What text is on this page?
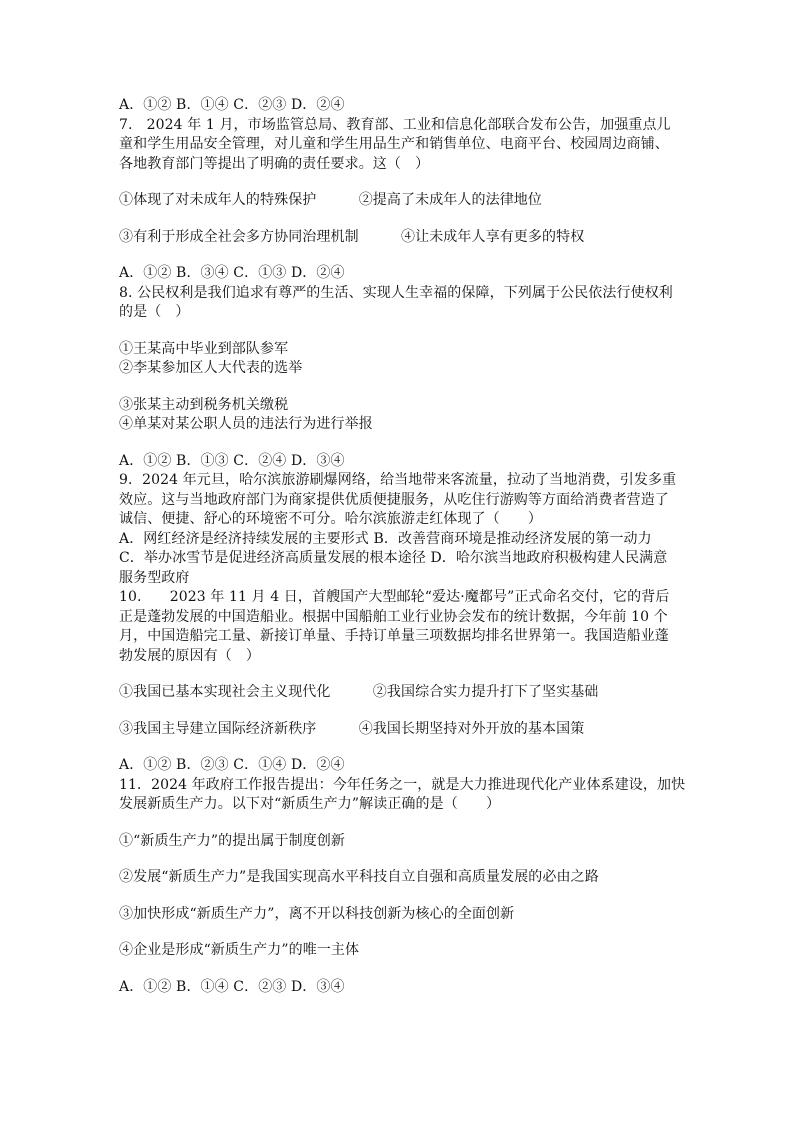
A．①② B．①④ C．②③ D．②④
7.　2024 年 1 月，市场监管总局、教育部、工业和信息化部联合发布公告，加强重点儿
童和学生用品安全管理，对儿童和学生用品生产和销售单位、电商平台、校园周边商铺、
各地教育部门等提出了明确的责任要求。这（　）
①体现了对未成年人的特殊保护　　　②提高了未成年人的法律地位
③有利于形成全社会多方协同治理机制　　　④让未成年人享有更多的特权
A．①② B．③④ C．①③ D．②④
8. 公民权利是我们追求有尊严的生活、实现人生幸福的保障，下列属于公民依法行使权利
的是（　）
①王某高中毕业到部队参军
②李某参加区人大代表的选举
③张某主动到税务机关缴税
④单某对某公职人员的违法行为进行举报
A．①② B．①③ C．②④ D．③④
9．2024 年元旦，哈尔滨旅游刷爆网络，给当地带来客流量，拉动了当地消费，引发多重
效应。这与当地政府部门为商家提供优质便捷服务，从吃住行游购等方面给消费者营造了
诚信、便捷、舒心的环境密不可分。哈尔滨旅游走红体现了（　　）
A．网红经济是经济持续发展的主要形式 B．改善营商环境是推动经济发展的第一动力
C．举办冰雪节是促进经济高质量发展的根本途径 D．哈尔滨当地政府积极构建人民满意
服务型政府
10.　　2023 年 11 月 4 日，首艘国产大型邮轮“爱达·魔都号”正式命名交付，它的背后
正是蓬勃发展的中国造船业。根据中国船舶工业行业协会发布的统计数据，今年前 10 个
月，中国造船完工量、新接订单量、手持订单量三项数据均排名世界第一。我国造船业蓬
勃发展的原因有（　）
①我国已基本实现社会主义现代化　　　②我国综合实力提升打下了坚实基础
③我国主导建立国际经济新秩序　　　④我国长期坚持对外开放的基本国策
A．①② B．②③ C．①④ D．②④
11．2024 年政府工作报告提出：今年任务之一，就是大力推进现代化产业体系建设，加快
发展新质生产力。以下对“新质生产力”解读正确的是（　　）
①“新质生产力”的提出属于制度创新
②发展“新质生产力”是我国实现高水平科技自立自强和高质量发展的必由之路
③加快形成“新质生产力”，离不开以科技创新为核心的全面创新
④企业是形成“新质生产力”的唯一主体
A．①② B．①④ C．②③ D．③④
